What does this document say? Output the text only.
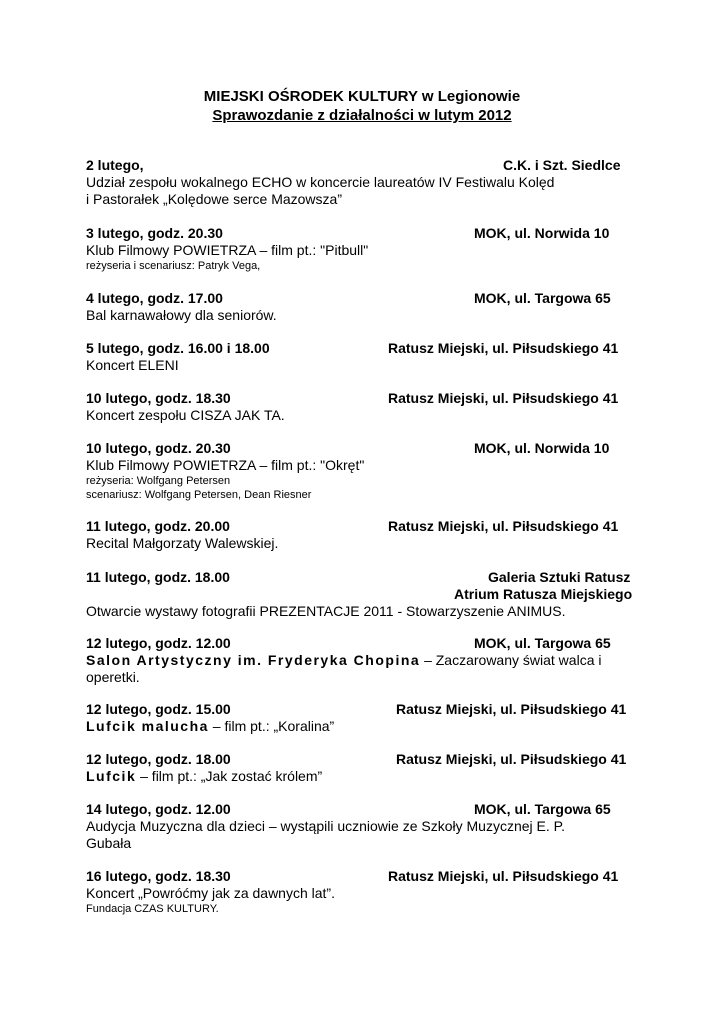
MIEJSKI OŚRODEK KULTURY w Legionowie
Sprawozdanie z działalności w lutym 2012
2 lutego,	C.K. i Szt. Siedlce
Udział zespołu wokalnego ECHO w koncercie laureatów IV Festiwalu Kolęd
i Pastorałek „Kolędowe serce Mazowsza”
3 lutego, godz. 20.30	MOK, ul. Norwida 10
Klub Filmowy POWIETRZA – film pt.: "Pitbull"
reżyseria i scenariusz: Patryk Vega,
4 lutego, godz. 17.00	MOK, ul. Targowa 65
Bal karnawałowy dla seniorów.
5 lutego, godz. 16.00 i 18.00	Ratusz Miejski, ul. Piłsudskiego 41
Koncert ELENI
10 lutego, godz. 18.30	Ratusz Miejski, ul. Piłsudskiego 41
Koncert zespołu CISZA JAK TA.
10 lutego, godz. 20.30	MOK, ul. Norwida 10
Klub Filmowy POWIETRZA – film pt.: "Okręt"
reżyseria: Wolfgang Petersen
scenariusz: Wolfgang Petersen, Dean Riesner
11 lutego, godz. 20.00	Ratusz Miejski, ul. Piłsudskiego 41
Recital Małgorzaty Walewskiej.
11 lutego, godz. 18.00	Galeria Sztuki Ratusz
Atrium Ratusza Miejskiego
Otwarcie wystawy fotografii PREZENTACJE 2011 - Stowarzyszenie ANIMUS.
12 lutego, godz. 12.00	MOK, ul. Targowa 65
Salon Artystyczny im. Fryderyka Chopina – Zaczarowany świat walca i
operetki.
12 lutego, godz. 15.00	Ratusz Miejski, ul. Piłsudskiego 41
Lufcik malucha – film pt.: „Koralina”
12 lutego, godz. 18.00	Ratusz Miejski, ul. Piłsudskiego 41
Lufcik – film pt.: „Jak zostać królem”
14 lutego, godz. 12.00	MOK, ul. Targowa 65
Audycja Muzyczna dla dzieci – wystąpili uczniowie ze Szkoły Muzycznej E. P.
Gubała
16 lutego, godz. 18.30	Ratusz Miejski, ul. Piłsudskiego 41
Koncert „Powróćmy jak za dawnych lat”.
Fundacja CZAS KULTURY.
